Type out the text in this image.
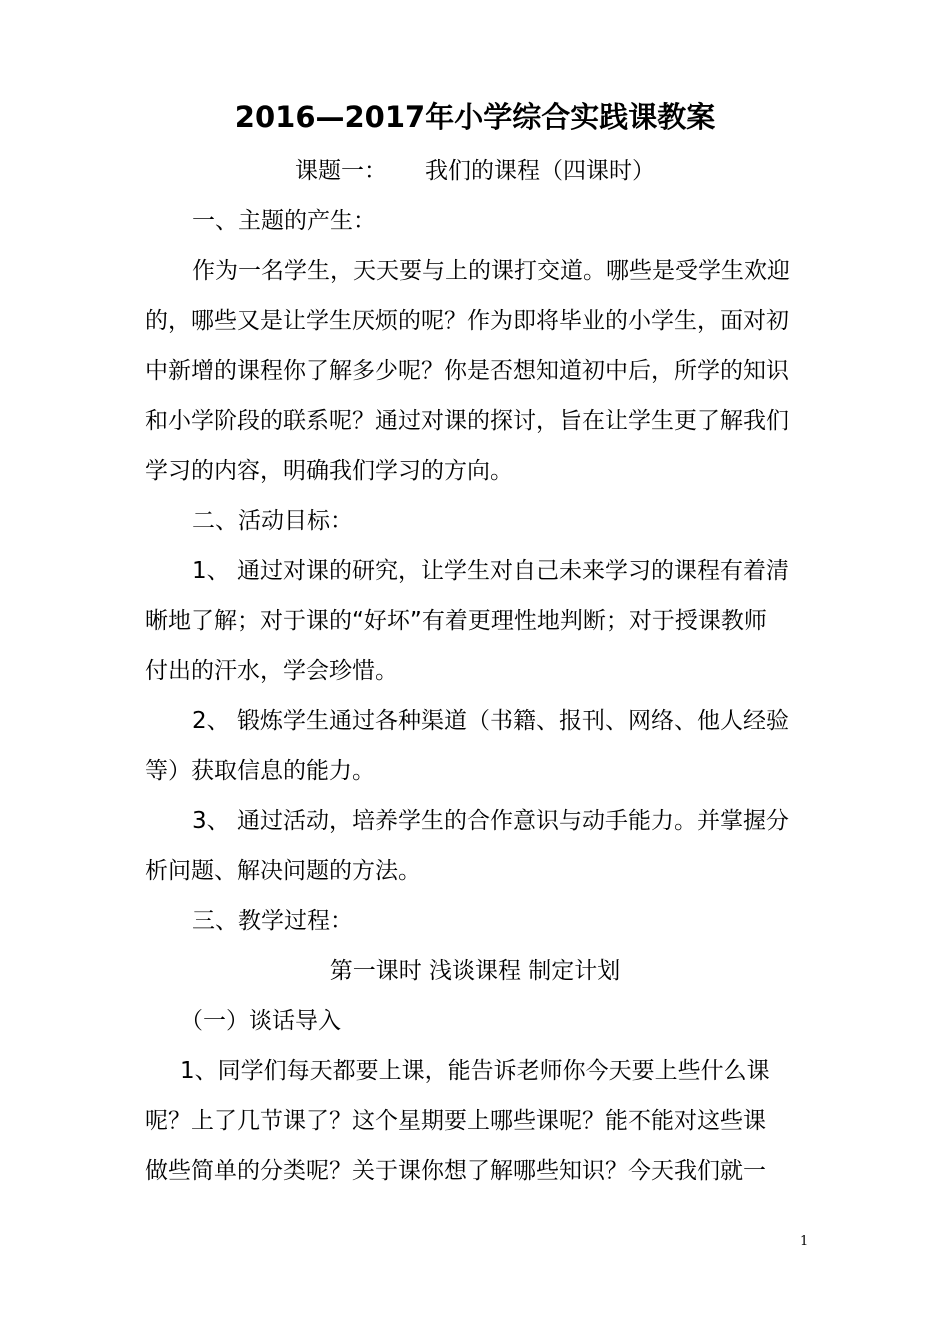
2016—2017年小学综合实践课教案
课题一： 我们的课程（四课时）
一、主题的产生：
作为一名学生，天天要与上的课打交道。哪些是受学生欢迎
的，哪些又是让学生厌烦的呢？作为即将毕业的小学生，面对初
中新增的课程你了解多少呢？你是否想知道初中后，所学的知识
和小学阶段的联系呢？通过对课的探讨，旨在让学生更了解我们
学习的内容，明确我们学习的方向。
二、活动目标：
1、 通过对课的研究，让学生对自己未来学习的课程有着清
晰地了解；对于课的“好坏”有着更理性地判断；对于授课教师
付出的汗水，学会珍惜。
2、 锻炼学生通过各种渠道（书籍、报刊、网络、他人经验
等）获取信息的能力。
3、 通过活动，培养学生的合作意识与动手能力。并掌握分
析问题、解决问题的方法。
三、教学过程：
第一课时 浅谈课程 制定计划
（一）谈话导入
1、同学们每天都要上课，能告诉老师你今天要上些什么课
呢？上了几节课了？这个星期要上哪些课呢？能不能对这些课
做些简单的分类呢？关于课你想了解哪些知识？今天我们就一
1
